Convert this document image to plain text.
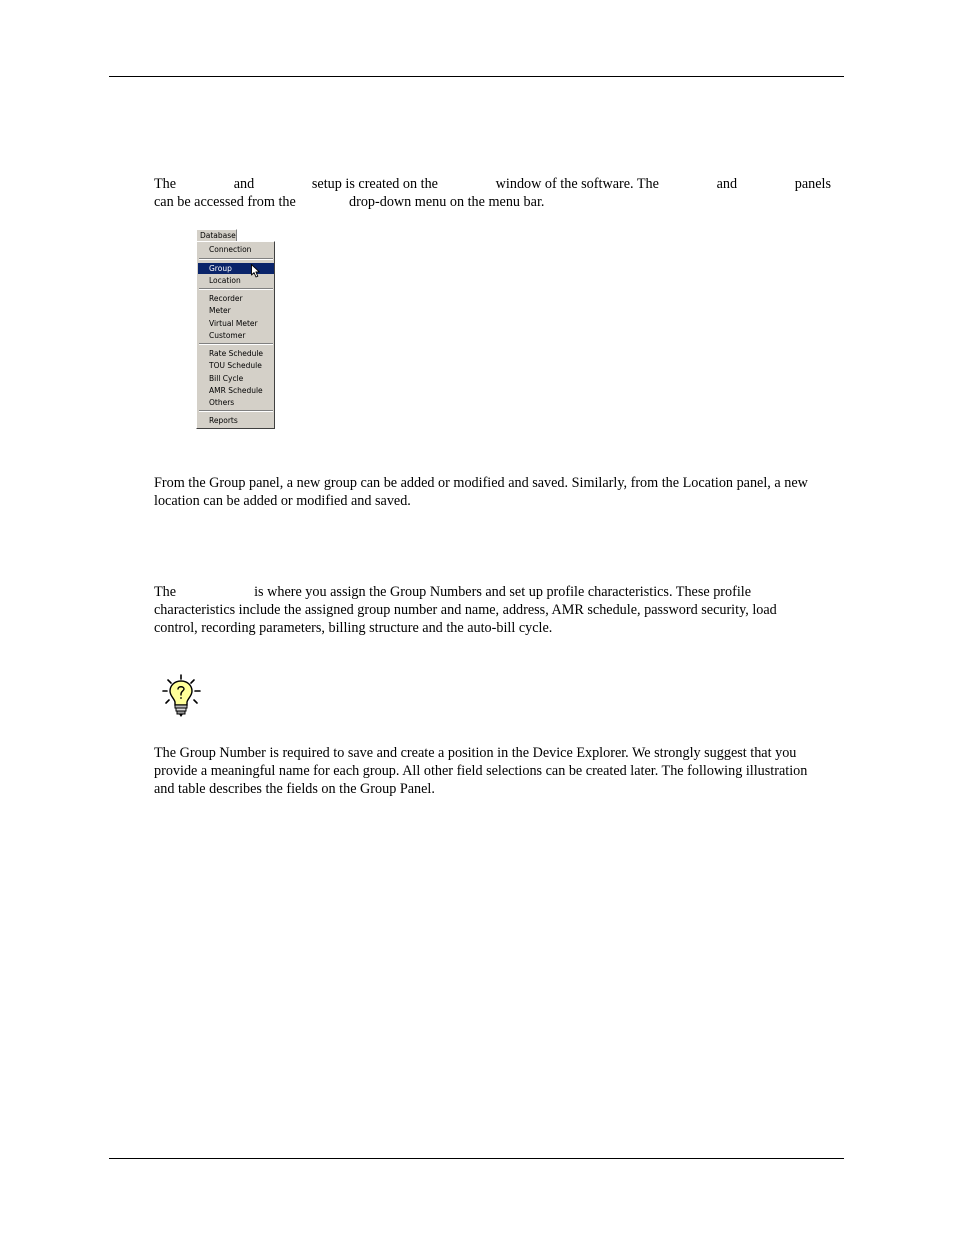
The	and	setup is created on the	window of the software. The	and	panels
can be accessed from the               drop-down menu on the menu bar.
Database
Connection
Group
Location
Recorder
Meter
Virtual Meter
Customer
Rate Schedule
TOU Schedule
Bill Cycle
AMR Schedule
Others
Reports
From the Group panel, a new group can be added or modified and saved. Similarly, from the Location panel, a new
location can be added or modified and saved.
The                      is where you assign the Group Numbers and set up profile characteristics. These profile
characteristics include the assigned group number and name, address, AMR schedule, password security, load
control, recording parameters, billing structure and the auto-bill cycle.
The Group Number is required to save and create a position in the Device Explorer. We strongly suggest that you
provide a meaningful name for each group. All other field selections can be created later. The following illustration
and table describes the fields on the Group Panel.
